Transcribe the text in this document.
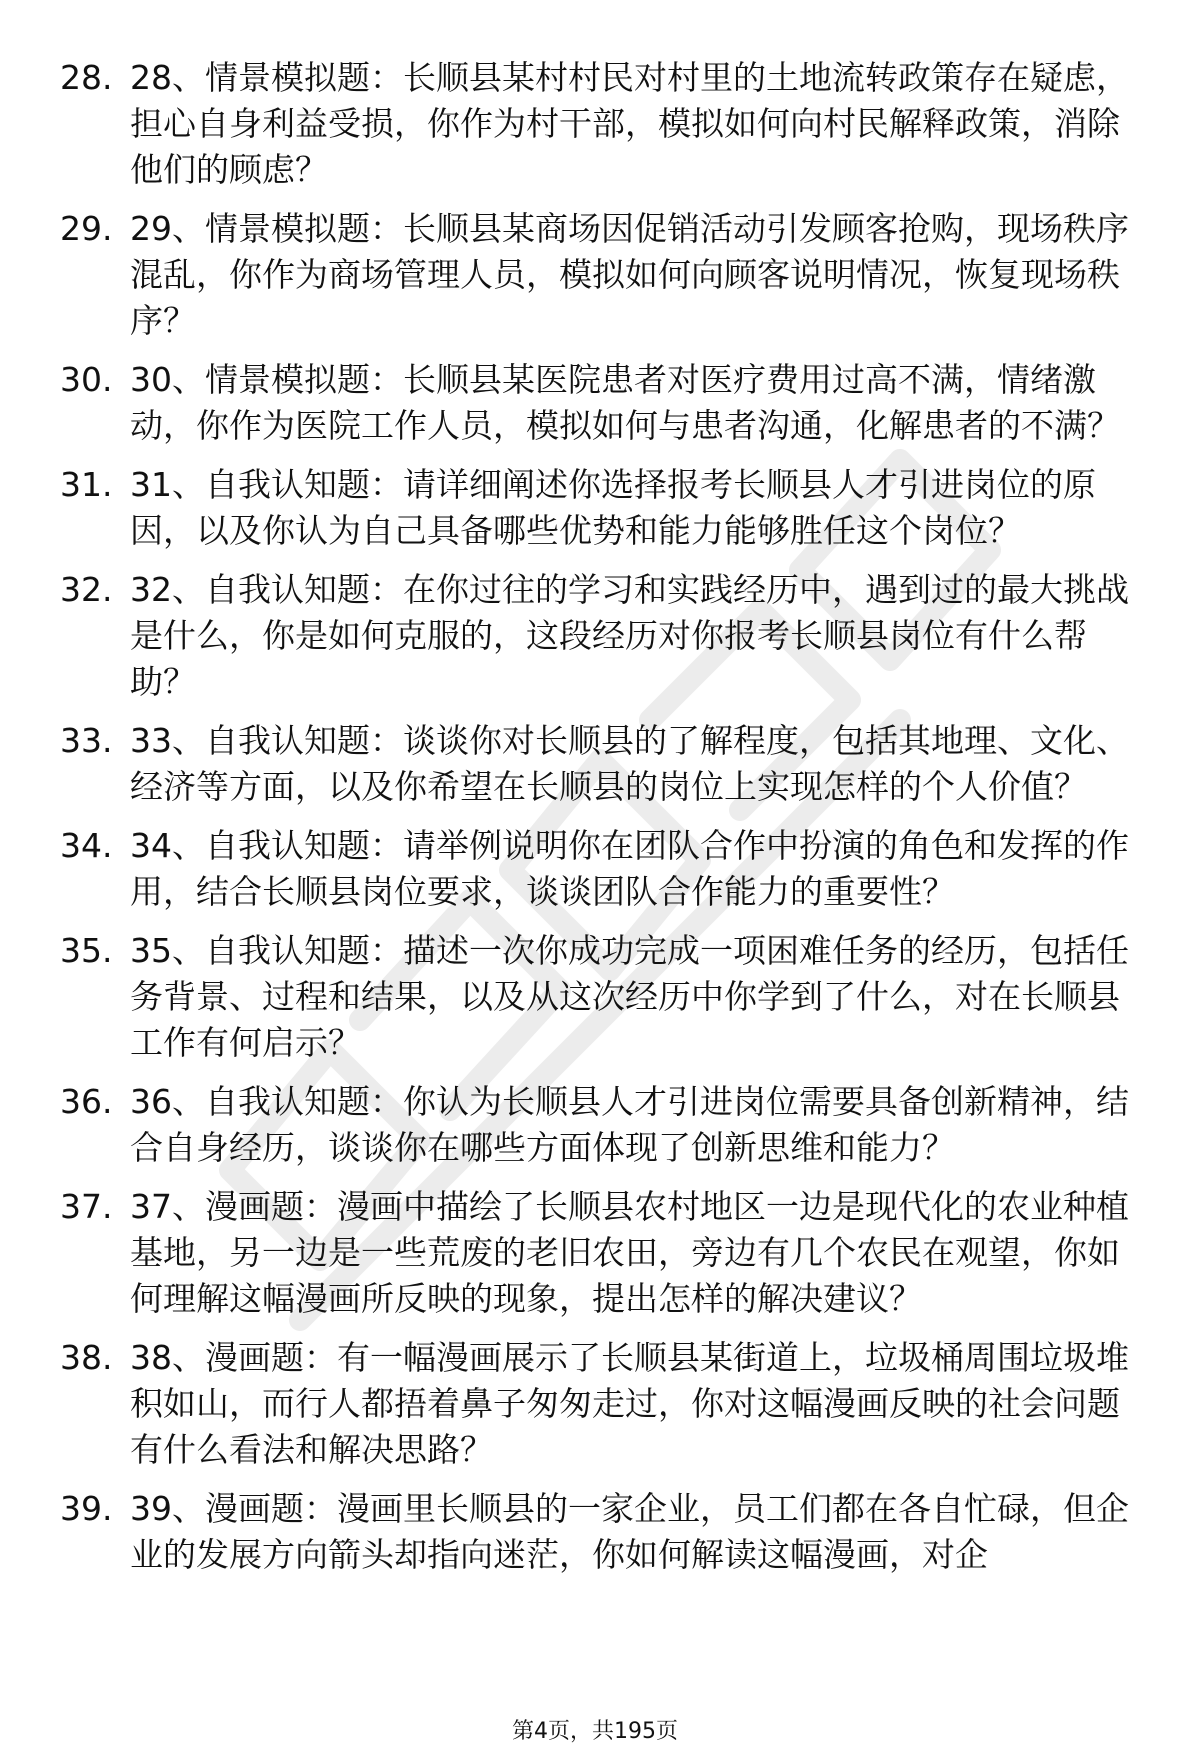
28. 28、情景模拟题：长顺县某村村民对村里的土地流转政策存在疑虑，担心自身利益受损，你作为村干部，模拟如何向村民解释政策，消除他们的顾虑？
29. 29、情景模拟题：长顺县某商场因促销活动引发顾客抢购，现场秩序混乱，你作为商场管理人员，模拟如何向顾客说明情况，恢复现场秩序？
30. 30、情景模拟题：长顺县某医院患者对医疗费用过高不满，情绪激动，你作为医院工作人员，模拟如何与患者沟通，化解患者的不满？
31. 31、自我认知题：请详细阐述你选择报考长顺县人才引进岗位的原因，以及你认为自己具备哪些优势和能力能够胜任这个岗位？
32. 32、自我认知题：在你过往的学习和实践经历中，遇到过的最大挑战是什么，你是如何克服的，这段经历对你报考长顺县岗位有什么帮助？
33. 33、自我认知题：谈谈你对长顺县的了解程度，包括其地理、文化、经济等方面，以及你希望在长顺县的岗位上实现怎样的个人价值？
34. 34、自我认知题：请举例说明你在团队合作中扮演的角色和发挥的作用，结合长顺县岗位要求，谈谈团队合作能力的重要性？
35. 35、自我认知题：描述一次你成功完成一项困难任务的经历，包括任务背景、过程和结果，以及从这次经历中你学到了什么，对在长顺县工作有何启示？
36. 36、自我认知题：你认为长顺县人才引进岗位需要具备创新精神，结合自身经历，谈谈你在哪些方面体现了创新思维和能力？
37. 37、漫画题：漫画中描绘了长顺县农村地区一边是现代化的农业种植基地，另一边是一些荒废的老旧农田，旁边有几个农民在观望，你如何理解这幅漫画所反映的现象，提出怎样的解决建议？
38. 38、漫画题：有一幅漫画展示了长顺县某街道上，垃圾桶周围垃圾堆积如山，而行人都捂着鼻子匆匆走过，你对这幅漫画反映的社会问题有什么看法和解决思路？
39. 39、漫画题：漫画里长顺县的一家企业，员工们都在各自忙碌，但企业的发展方向箭头却指向迷茫，你如何解读这幅漫画，对企
第4页，共195页
